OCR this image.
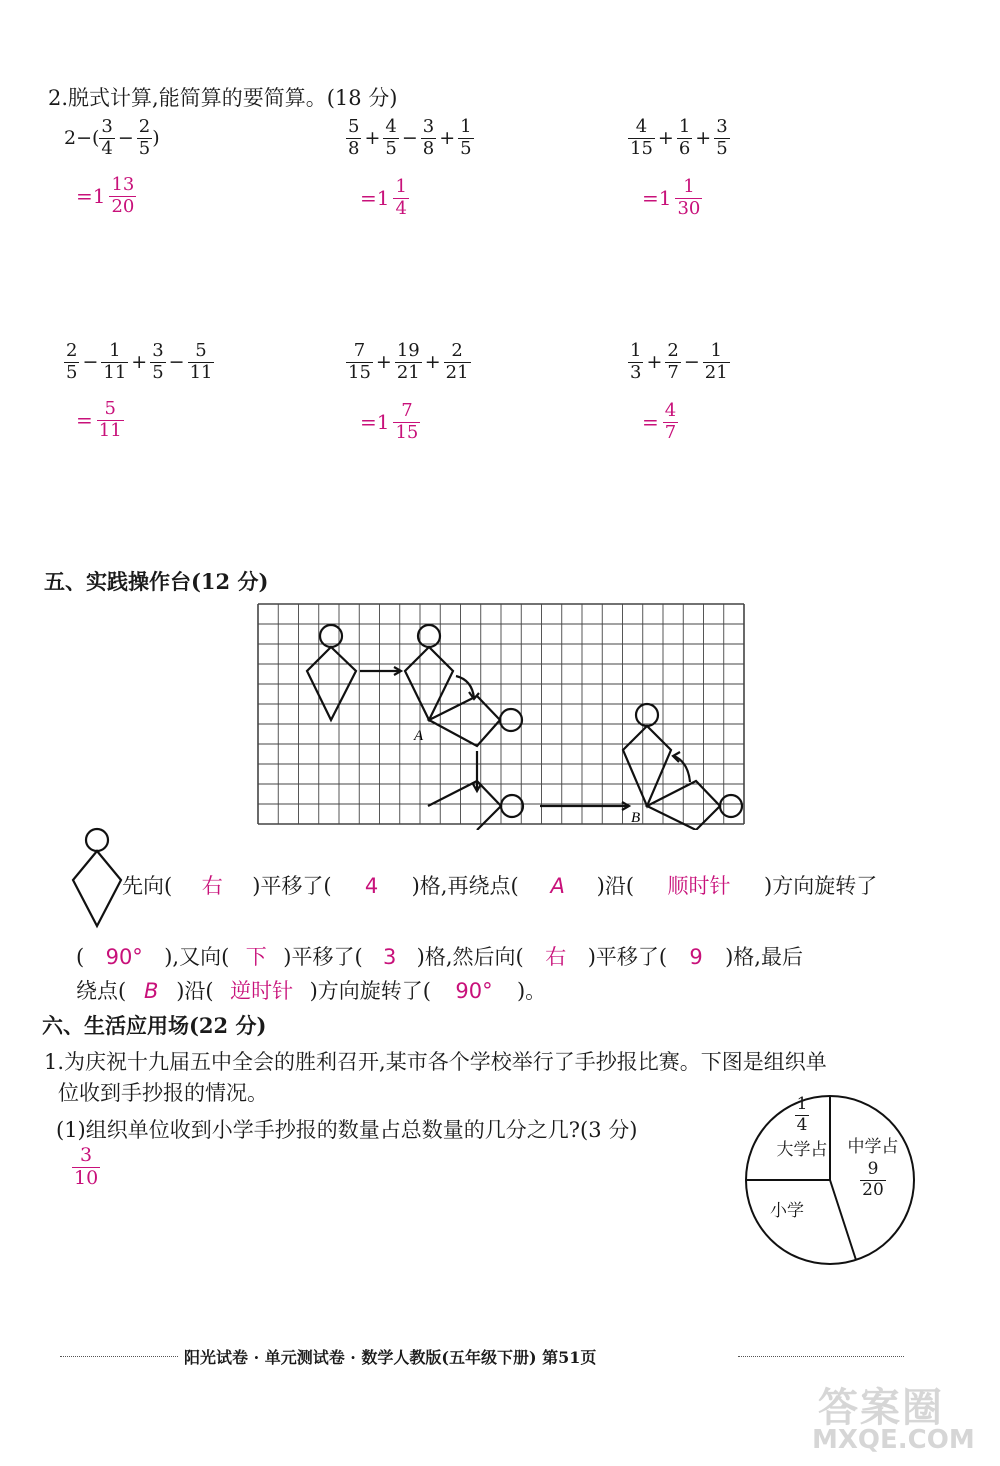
2.脱式计算,能简算的要简算。(18 分)
$2-( \frac{3}{4} - \frac{2}{5}$ )
$=1 \frac{13}{20}$
$\frac{5}{8} + \frac{4}{5} - \frac{3}{8} + \frac{1}{5}$
$=1 \frac{1}{4}$
$\frac{4}{15} + \frac{1}{6} + \frac{3}{5}$
$=1 \frac{1}{30}$
$\frac{2}{5} - \frac{1}{11} + \frac{3}{5} - \frac{5}{11}$
= $\frac{5}{11}$
$\frac{7}{15} + \frac{19}{21} + \frac{2}{21}$
$=1 \frac{7}{15}$
$\frac{1}{3} + \frac{2}{7} - \frac{1}{21}$
= $\frac{4}{7}$
五、实践操作台(12 分)
A
B
先向( 右 )平移了( 4 )格,再绕点( A )沿( 顺时针 )方向旋转了
( 90° ),又向( 下 )平移了( 3 )格,然后向( 右 )平移了( 9 )格,最后
绕点( B )沿( 逆时针 )方向旋转了( 90° )。
六、生活应用场(22 分)
1.为庆祝十九届五中全会的胜利召开,某市各个学校举行了手抄报比赛。下图是组织单
位收到手抄报的情况。
(1)组织单位收到小学手抄报的数量占总数量的几分之几?(3 分)
$\frac{3}{10}$
$\frac{1}{4}$
大学占	中学占
$\frac{9}{20}$
小学
阳光试卷 · 单元测试卷 · 数学人教版(五年级下册) 第51页
答案圈
MXQE.COM
